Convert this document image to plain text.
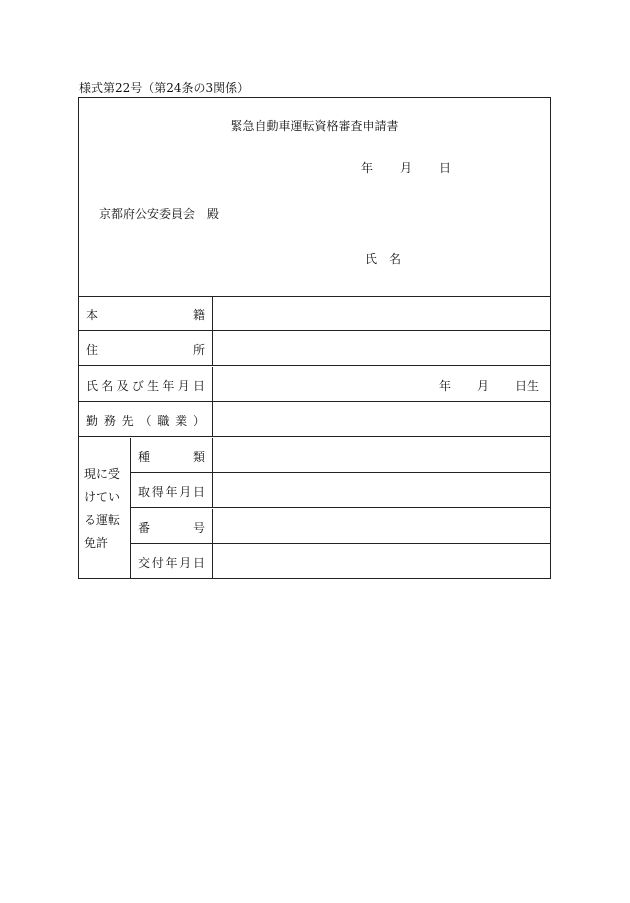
様式第22号（第24条の3関係）
緊急自動車運転資格審査申請書
年 月 日
京都府公安委員会　殿
氏　名
本	籍
住	所
氏名及び生年月日	年 月 日生
勤務先（職業）
現に受
けてい
る運転
免許
種	類
取得年月日
番	号
交付年月日
